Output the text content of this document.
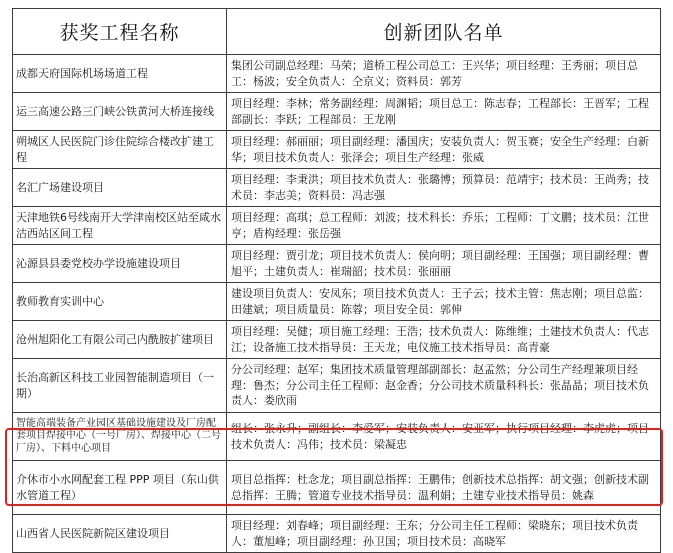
获奖工程名称	创新团队名单
成都天府国际机场场道工程	集团公司副总经理：马荣；道桥工程公司总工：王兴华；项目经理：王秀丽；项目总工：杨波；安全负责人：仝京义；资料员：郭芳
运三高速公路三门峡公铁黄河大桥连接线	项目经理：李林；常务副经理：周渊韬；项目总工：陈志春；工程部长：王晋军；工程部副长：李跃；工程部员：王龙刚
朔城区人民医院门诊住院综合楼改扩建工程	项目经理：郝丽丽；项目副经理：潘国庆；安装负责人：贺玉赛；安全生产经理：白新华；项目技术负责人：张泽会；项目生产经理：张威
名汇广场建设项目	项目经理：李秉洪；项目技术负责人：张璐博；预算员：范靖宇；技术员：王尚秀；技术员：李志美；资料员：冯志强
天津地铁6号线南开大学津南校区站至咸水沽西站区间工程	项目经理：高琪；总工程师：刘波；技术科长：乔乐；工程师：丁文鹏；技术员：江世亨；盾构经理：张岳强
沁源县县委党校办学设施建设项目	项目经理：贾引龙；项目技术负责人：侯向明；项目副经理：王国强；项目副经理：曹旭平；土建负责人：崔瑞韶；技术员：张丽丽
教师教育实训中心	建设项目负责人：安凤东；项目技术负责人：王子云；技术主管：焦志刚；项目总监：田建斌；项目质量员：陈蓉；项目安全员：郭伸
沧州旭阳化工有限公司己内酰胺扩建项目	项目经理：吴健；项目施工经理：王浩；技术负责人：陈维维；土建技术负责人：代志江；设备施工技术指导员：王天龙；电仪施工技术指导员：高青豪
长治高新区科技工业园智能制造项目（一期）	分公司经理：赵军；集团技术质量管理部副部长：赵孟然；分公司生产经理兼项目经理：鲁杰；分公司主任工程师：赵金香；分公司技术质量科科长：张晶晶；项目技术负责人：娄欣雨
智能高端装备产业园区基础设施建设及厂房配套项目焊接中心（一号厂房）、焊接中心（二号厂房）、下料中心项目	组长：张永升；副组长：李爱军；安装负责人：安亚军；执行项目经理：李虎虎；项目技术负责人：冯伟；技术员：梁凝忠
介休市小水网配套工程 PPP 项目（东山供水管道工程）	项目总指挥：杜念龙；项目副总指挥：王鹏伟；创新技术总指挥：胡文强；创新技术副总指挥：王腾；管道专业技术指导员：温利娟；土建专业技术指导员：姚森
山西省人民医院新院区建设项目	项目经理：刘春峰；项目副经理：王东；分公司主任工程师：梁晓东；项目技术负责人：董旭峰；项目副经理：孙卫国；项目技术员：高晓军
